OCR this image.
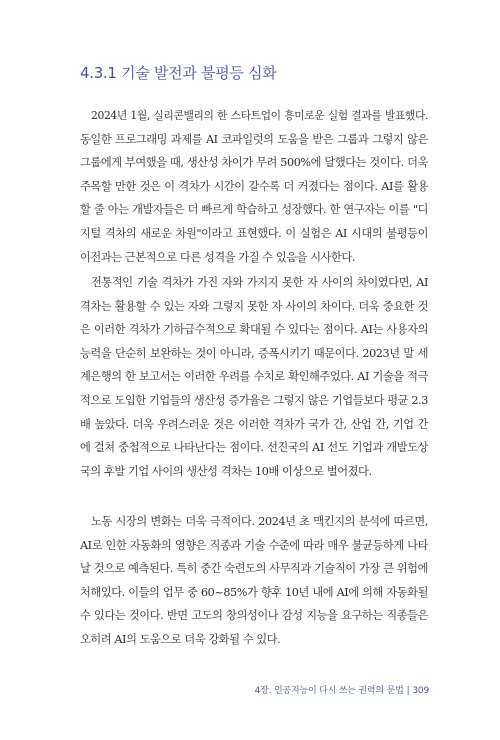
4.3.1 기술 발전과 불평등 심화
2024년 1월, 실리콘밸리의 한 스타트업이 흥미로운 실험 결과를 발표했다.
동일한 프로그래밍 과제를 AI 코파일럿의 도움을 받은 그룹과 그렇지 않은
그룹에게 부여했을 때, 생산성 차이가 무려 500%에 달했다는 것이다. 더욱
주목할 만한 것은 이 격차가 시간이 갈수록 더 커졌다는 점이다. AI를 활용
할 줄 아는 개발자들은 더 빠르게 학습하고 성장했다. 한 연구자는 이를 "디
지털 격차의 새로운 차원"이라고 표현했다. 이 실험은 AI 시대의 불평등이
이전과는 근본적으로 다른 성격을 가질 수 있음을 시사한다.
전통적인 기술 격차가 가진 자와 가지지 못한 자 사이의 차이였다면, AI
격차는 활용할 수 있는 자와 그렇지 못한 자 사이의 차이다. 더욱 중요한 것
은 이러한 격차가 기하급수적으로 확대될 수 있다는 점이다. AI는 사용자의
능력을 단순히 보완하는 것이 아니라, 증폭시키기 때문이다. 2023년 말 세
계은행의 한 보고서는 이러한 우려를 수치로 확인해주었다. AI 기술을 적극
적으로 도입한 기업들의 생산성 증가율은 그렇지 않은 기업들보다 평균 2.3
배 높았다. 더욱 우려스러운 것은 이러한 격차가 국가 간, 산업 간, 기업 간
에 걸쳐 중첩적으로 나타난다는 점이다. 선진국의 AI 선도 기업과 개발도상
국의 후발 기업 사이의 생산성 격차는 10배 이상으로 벌어졌다.
노동 시장의 변화는 더욱 극적이다. 2024년 초 맥킨지의 분석에 따르면,
AI로 인한 자동화의 영향은 직종과 기술 수준에 따라 매우 불균등하게 나타
날 것으로 예측된다. 특히 중간 숙련도의 사무직과 기술직이 가장 큰 위험에
처해있다. 이들의 업무 중 60~85%가 향후 10년 내에 AI에 의해 자동화될
수 있다는 것이다. 반면 고도의 창의성이나 감성 지능을 요구하는 직종들은
오히려 AI의 도움으로 더욱 강화될 수 있다.
4장. 인공지능이 다시 쓰는 권력의 문법 | 309
